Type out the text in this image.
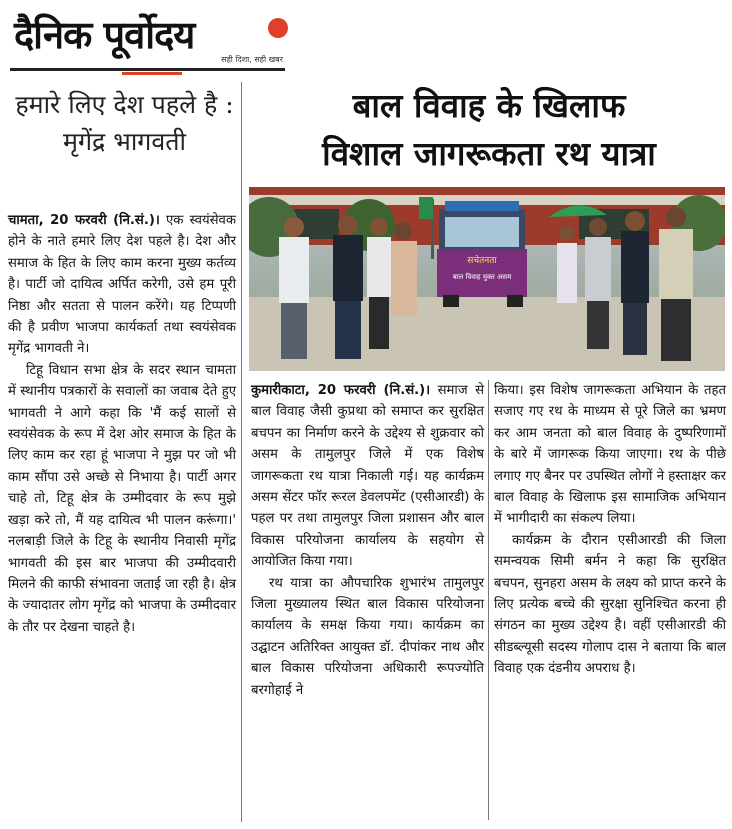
दैनिक पूर्वोदय
सही दिशा, सही खबर
हमारे लिए देश पहले है : मृगेंद्र भागवती

चामता, 20 फरवरी (नि.सं.)। एक स्वयंसेवक होने के नाते हमारे लिए देश पहले है। देश और समाज के हित के लिए काम करना मुख्य कर्तव्य है। पार्टी जो दायित्व अर्पित करेगी, उसे हम पूरी निष्ठा और सतता से पालन करेंगे। यह टिप्पणी की है प्रवीण भाजपा कार्यकर्ता तथा स्वयंसेवक मृगेंद्र भागवती ने।

टिहू विधान सभा क्षेत्र के सदर स्थान चामता में स्थानीय पत्रकारों के सवालों का जवाब देते हुए भागवती ने आगे कहा कि 'मैं कई सालों से स्वयंसेवक के रूप में देश ओर समाज के हित के लिए काम कर रहा हूं भाजपा ने मुझ पर जो भी काम सौंपा उसे अच्छे से निभाया है। पार्टी अगर चाहे तो, टिहू क्षेत्र के उम्मीदवार के रूप मुझे खड़ा करे तो, मैं यह दायित्व भी पालन करूंगा।' नलबाड़ी जिले के टिहू के स्थानीय निवासी मृगेंद्र भागवती की इस बार भाजपा की उम्मीदवारी मिलने की काफी संभावना जताई जा रही है। क्षेत्र के ज्यादातर लोग मृगेंद्र को भाजपा के उम्मीदवार के तौर पर देखना चाहते है।

बाल विवाह के खिलाफ
विशाल जागरूकता रथ यात्रा
सचेतनता
बाल विवाह मुक्त असम

कुमारीकाटा, 20 फरवरी (नि.सं.)। समाज से बाल विवाह जैसी कुप्रथा को समाप्त कर सुरक्षित बचपन का निर्माण करने के उद्देश्य से शुक्रवार को असम के तामुलपुर जिले में एक विशेष जागरूकता रथ यात्रा निकाली गई। यह कार्यक्रम असम सेंटर फॉर रूरल डेवलपमेंट (एसीआरडी) के पहल पर तथा तामुलपुर जिला प्रशासन और बाल विकास परियोजना कार्यालय के सहयोग से आयोजित किया गया।

रथ यात्रा का औपचारिक शुभारंभ तामुलपुर जिला मुख्यालय स्थित बाल विकास परियोजना कार्यालय के समक्ष किया गया। कार्यक्रम का उद्घाटन अतिरिक्त आयुक्त डॉ. दीपांकर नाथ और बाल विकास परियोजना अधिकारी रूपज्योति बरगोहाई ने

किया। इस विशेष जागरूकता अभियान के तहत सजाए गए रथ के माध्यम से पूरे जिले का भ्रमण कर आम जनता को बाल विवाह के दुष्परिणामों के बारे में जागरूक किया जाएगा। रथ के पीछे लगाए गए बैनर पर उपस्थित लोगों ने हस्ताक्षर कर बाल विवाह के खिलाफ इस सामाजिक अभियान में भागीदारी का संकल्प लिया।

कार्यक्रम के दौरान एसीआरडी की जिला समन्वयक सिमी बर्मन ने कहा कि सुरक्षित बचपन, सुनहरा असम के लक्ष्य को प्राप्त करने के लिए प्रत्येक बच्चे की सुरक्षा सुनिश्चित करना ही संगठन का मुख्य उद्देश्य है। वहीं एसीआरडी की सीडब्ल्यूसी सदस्य गोलाप दास ने बताया कि बाल विवाह एक दंडनीय अपराध है।
